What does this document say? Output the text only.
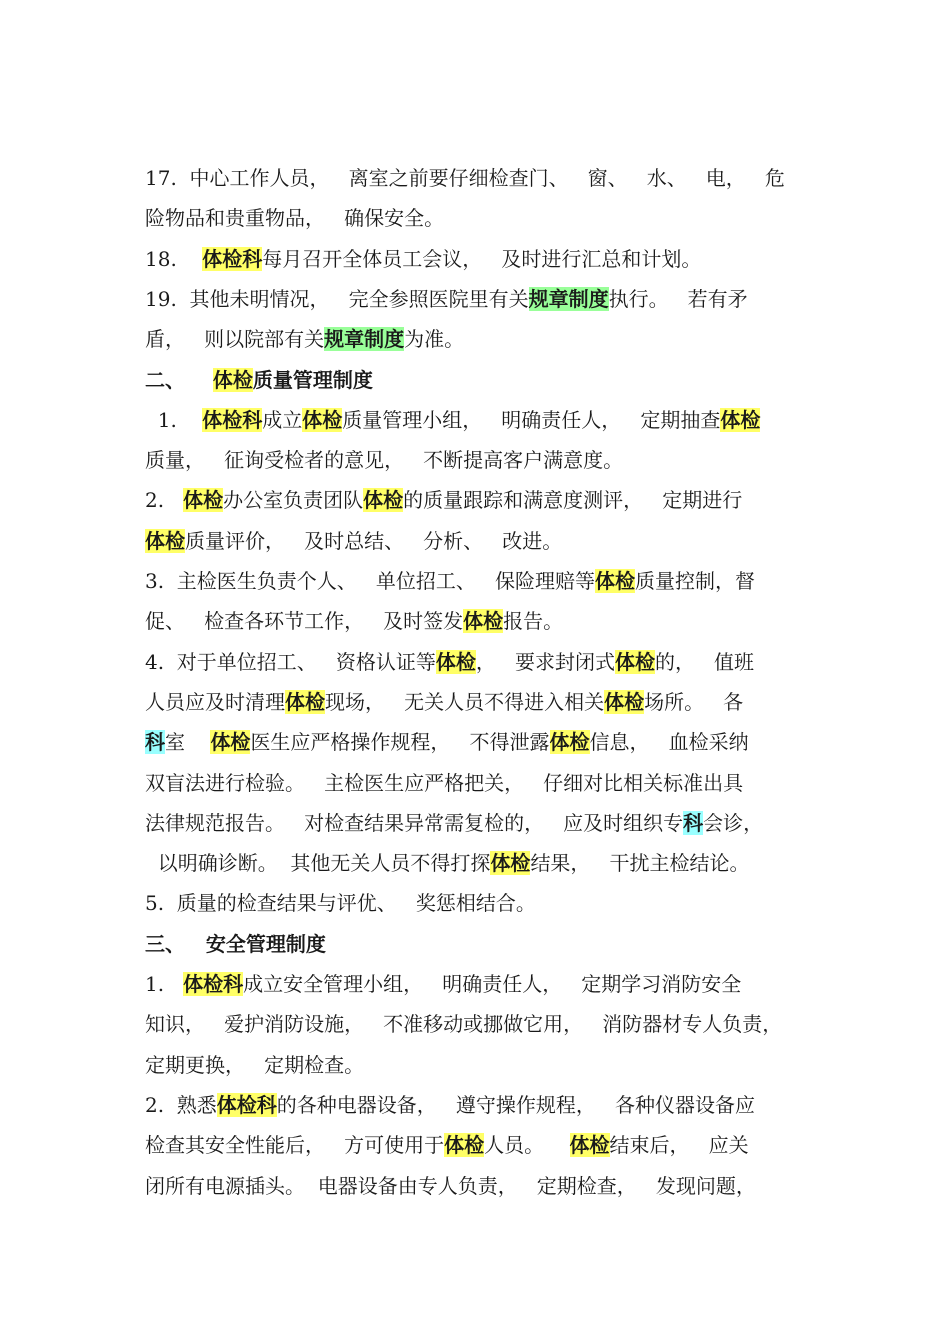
17.  中心工作人员，   离室之前要仔细检查门、   窗、   水、   电，   危
险物品和贵重物品，   确保安全。
18.    体检科每月召开全体员工会议，   及时进行汇总和计划。
19.  其他未明情况，   完全参照医院里有关规章制度执行。   若有矛
盾，   则以院部有关规章制度为准。
二、    体检质量管理制度
1.    体检科成立体检质量管理小组，   明确责任人，   定期抽查体检
质量，   征询受检者的意见，   不断提高客户满意度。
2.   体检办公室负责团队体检的质量跟踪和满意度测评，   定期进行
体检质量评价，   及时总结、   分析、   改进。
3.  主检医生负责个人、   单位招工、   保险理赔等体检质量控制，督
促、   检查各环节工作，   及时签发体检报告。
4.  对于单位招工、   资格认证等体检，   要求封闭式体检的，   值班
人员应及时清理体检现场，   无关人员不得进入相关体检场所。   各
科室    体检医生应严格操作规程，   不得泄露体检信息，   血检采纳
双盲法进行检验。   主检医生应严格把关，   仔细对比相关标准出具
法律规范报告。   对检查结果异常需复检的，   应及时组织专科会诊，
以明确诊断。  其他无关人员不得打探体检结果，   干扰主检结论。
5.  质量的检查结果与评优、   奖惩相结合。
三、   安全管理制度
1.   体检科成立安全管理小组，   明确责任人，   定期学习消防安全
知识，   爱护消防设施，   不准移动或挪做它用，   消防器材专人负责，
定期更换，   定期检查。
2.  熟悉体检科的各种电器设备，   遵守操作规程，   各种仪器设备应
检查其安全性能后，   方可使用于体检人员。    体检结束后，   应关
闭所有电源插头。  电器设备由专人负责，   定期检查，   发现问题，
